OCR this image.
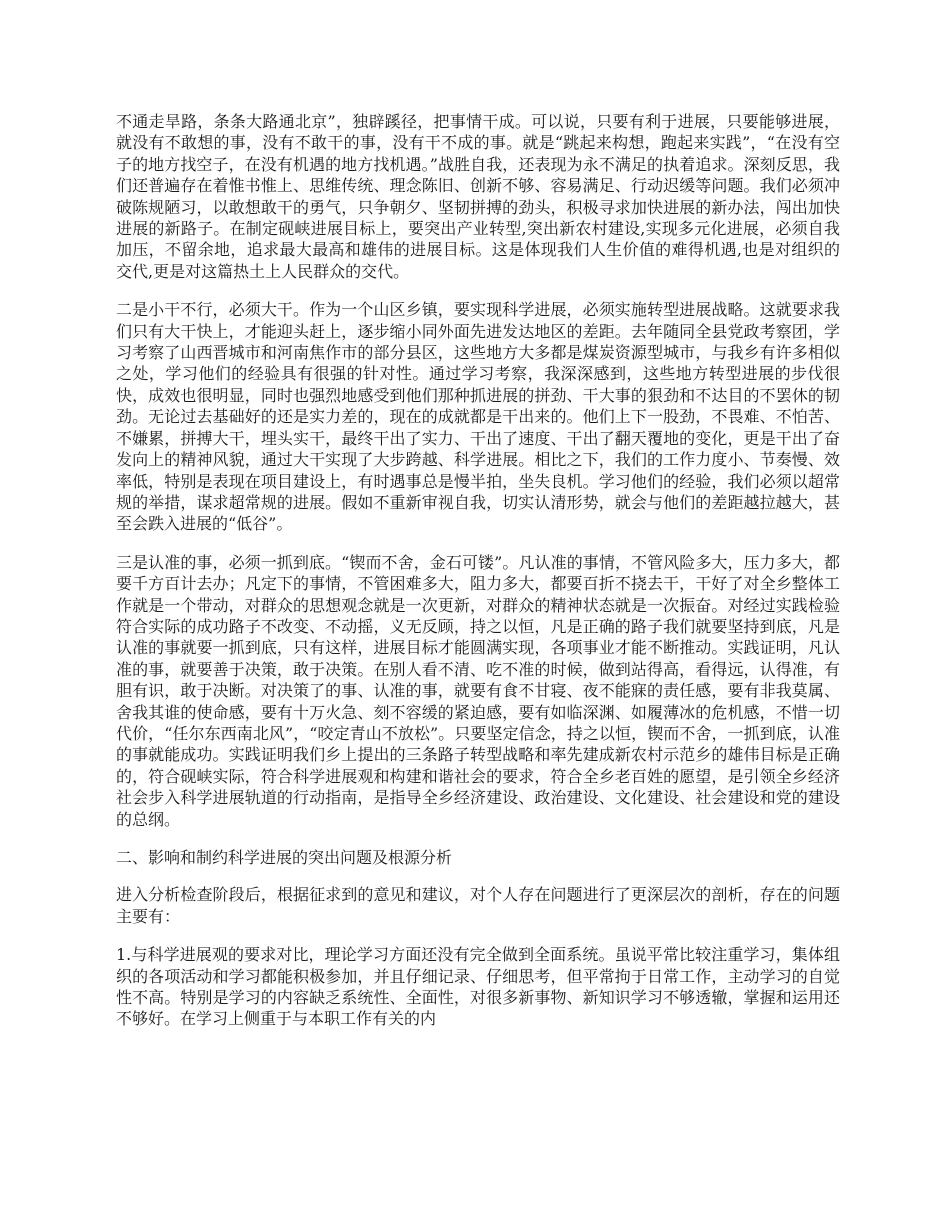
不通走旱路，条条大路通北京”，独辟蹊径，把事情干成。可以说，只要有利于进展，只要能够进展，就没有不敢想的事，没有不敢干的事，没有干不成的事。就是“跳起来构想，跑起来实践”，“在没有空子的地方找空子，在没有机遇的地方找机遇。”战胜自我，还表现为永不满足的执着追求。深刻反思，我们还普遍存在着惟书惟上、思维传统、理念陈旧、创新不够、容易满足、行动迟缓等问题。我们必须冲破陈规陋习，以敢想敢干的勇气，只争朝夕、坚韧拼搏的劲头，积极寻求加快进展的新办法，闯出加快进展的新路子。在制定砚峡进展目标上，要突出产业转型,突出新农村建设,实现多元化进展，必须自我加压，不留余地，追求最大最高和雄伟的进展目标。这是体现我们人生价值的难得机遇,也是对组织的交代,更是对这篇热土上人民群众的交代。

二是小干不行，必须大干。作为一个山区乡镇，要实现科学进展，必须实施转型进展战略。这就要求我们只有大干快上，才能迎头赶上，逐步缩小同外面先进发达地区的差距。去年随同全县党政考察团，学习考察了山西晋城市和河南焦作市的部分县区，这些地方大多都是煤炭资源型城市，与我乡有许多相似之处，学习他们的经验具有很强的针对性。通过学习考察，我深深感到，这些地方转型进展的步伐很快，成效也很明显，同时也强烈地感受到他们那种抓进展的拼劲、干大事的狠劲和不达目的不罢休的韧劲。无论过去基础好的还是实力差的，现在的成就都是干出来的。他们上下一股劲，不畏难、不怕苦、不嫌累，拼搏大干，埋头实干，最终干出了实力、干出了速度、干出了翻天覆地的变化，更是干出了奋发向上的精神风貌，通过大干实现了大步跨越、科学进展。相比之下，我们的工作力度小、节奏慢、效率低，特别是表现在项目建设上，有时遇事总是慢半拍，坐失良机。学习他们的经验，我们必须以超常规的举措，谋求超常规的进展。假如不重新审视自我，切实认清形势，就会与他们的差距越拉越大，甚至会跌入进展的“低谷”。

三是认准的事，必须一抓到底。“锲而不舍，金石可镂”。凡认准的事情，不管风险多大，压力多大，都要千方百计去办；凡定下的事情，不管困难多大，阻力多大，都要百折不挠去干，干好了对全乡整体工作就是一个带动，对群众的思想观念就是一次更新，对群众的精神状态就是一次振奋。对经过实践检验符合实际的成功路子不改变、不动摇，义无反顾，持之以恒，凡是正确的路子我们就要坚持到底，凡是认准的事就要一抓到底，只有这样，进展目标才能圆满实现，各项事业才能不断推动。实践证明，凡认准的事，就要善于决策，敢于决策。在别人看不清、吃不准的时候，做到站得高，看得远，认得准，有胆有识，敢于决断。对决策了的事、认准的事，就要有食不甘寝、夜不能寐的责任感，要有非我莫属、舍我其谁的使命感，要有十万火急、刻不容缓的紧迫感，要有如临深渊、如履薄冰的危机感，不惜一切代价，“任尔东西南北风”，“咬定青山不放松”。只要坚定信念，持之以恒，锲而不舍，一抓到底，认准的事就能成功。实践证明我们乡上提出的三条路子转型战略和率先建成新农村示范乡的雄伟目标是正确的，符合砚峡实际，符合科学进展观和构建和谐社会的要求，符合全乡老百姓的愿望，是引领全乡经济社会步入科学进展轨道的行动指南，是指导全乡经济建设、政治建设、文化建设、社会建设和党的建设的总纲。

二、影响和制约科学进展的突出问题及根源分析

进入分析检查阶段后，根据征求到的意见和建议，对个人存在问题进行了更深层次的剖析，存在的问题主要有：

1.与科学进展观的要求对比，理论学习方面还没有完全做到全面系统。虽说平常比较注重学习，集体组织的各项活动和学习都能积极参加，并且仔细记录、仔细思考，但平常拘于日常工作，主动学习的自觉性不高。特别是学习的内容缺乏系统性、全面性，对很多新事物、新知识学习不够透辙，掌握和运用还不够好。在学习上侧重于与本职工作有关的内
